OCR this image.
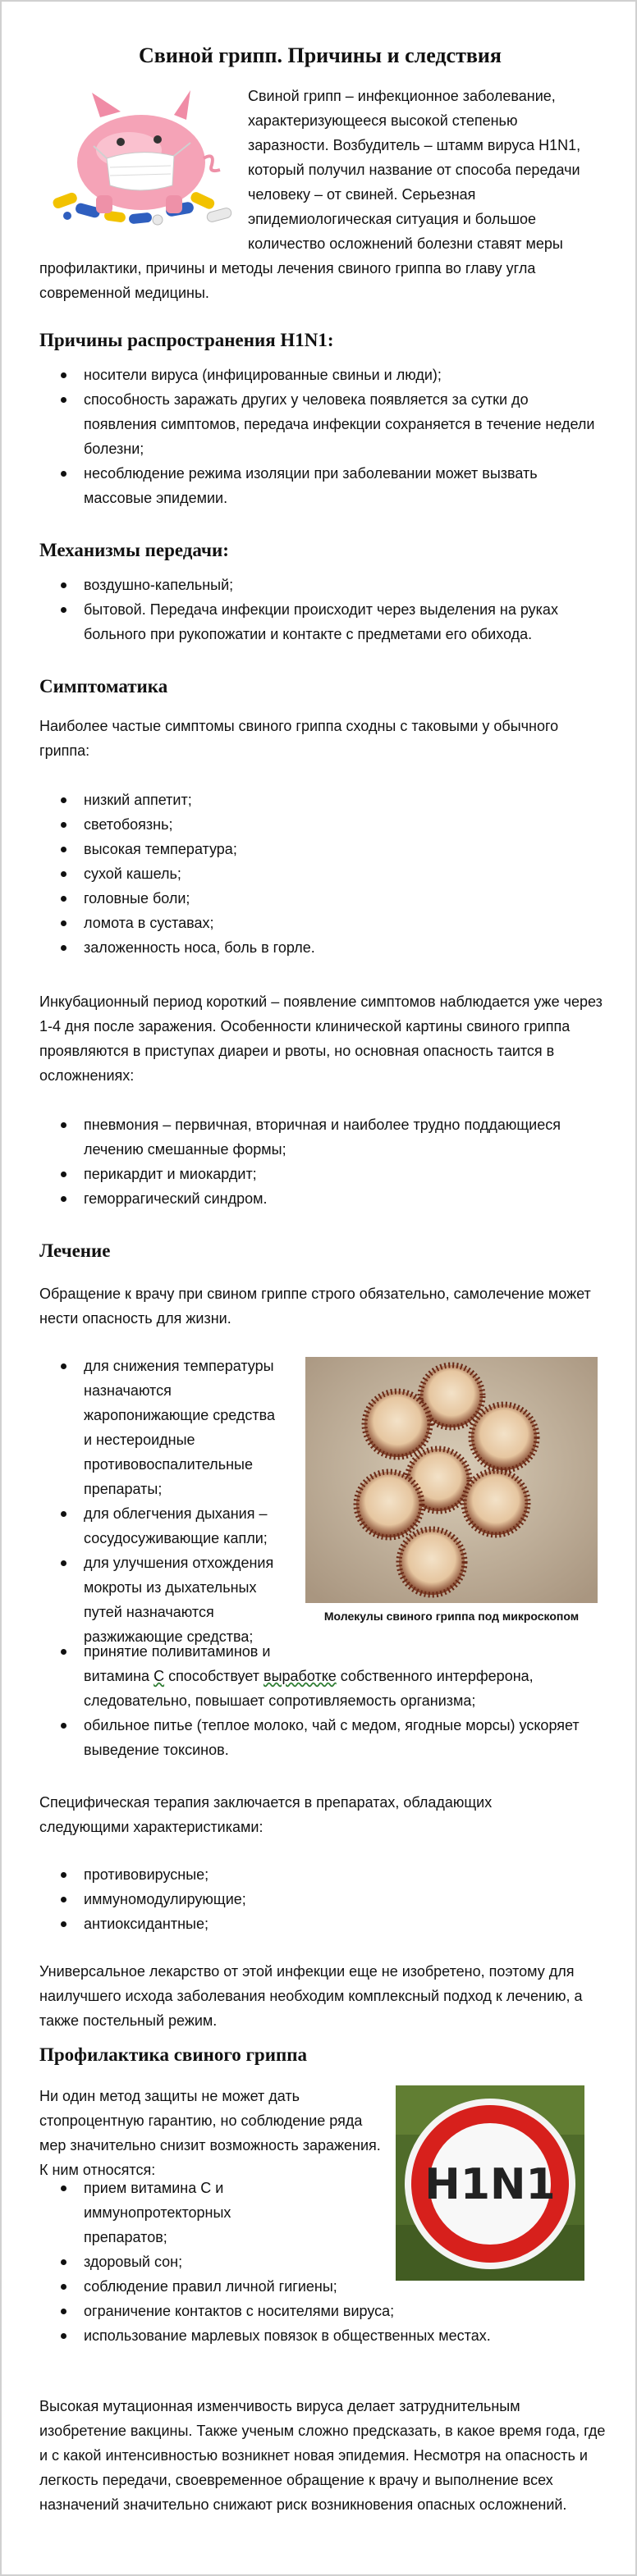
Свиной грипп. Причины и следствия
Свиной грипп – инфекционное заболевание,
характеризующееся высокой степенью
заразности. Возбудитель – штамм вируса H1N1,
который получил название от способа передачи
человеку – от свиней. Серьезная
эпидемиологическая ситуация и большое
количество осложнений болезни ставят меры
профилактики, причины и методы лечения свиного гриппа во главу угла
современной медицины.
Причины распространения H1N1:
носители вируса (инфицированные свиньи и люди);
способность заражать других у человека появляется за сутки до появления симптомов, передача инфекции сохраняется в течение недели болезни;
несоблюдение режима изоляции при заболевании может вызвать массовые эпидемии.
Механизмы передачи:
воздушно-капельный;
бытовой. Передача инфекции происходит через выделения на руках больного при рукопожатии и контакте с предметами его обихода.
Симптоматика

Наиболее частые симптомы свиного гриппа сходны с таковыми у обычного гриппа:

низкий аппетит;
светобоязнь;
высокая температура;
сухой кашель;
головные боли;
ломота в суставах;
заложенность носа, боль в горле.

Инкубационный период короткий – появление симптомов наблюдается уже через 1-4 дня после заражения. Особенности клинической картины свиного гриппа проявляются в приступах диареи и рвоты, но основная опасность таится в осложнениях:

пневмония – первичная, вторичная и наиболее трудно поддающиеся лечению смешанные формы;
перикардит и миокардит;
геморрагический синдром.
Лечение

Обращение к врачу при свином гриппе строго обязательно, самолечение может нести опасность для жизни.

для снижения температуры назначаются жаропонижающие средства и нестероидные противовоспалительные препараты;
для облегчения дыхания – сосудосуживающие капли;
для улучшения отхождения мокроты из дыхательных путей назначаются разжижающие средства;
Молекулы свиного гриппа под микроскопом
принятие поливитаминов и
витамина С способствует выработке собственного интерферона, следовательно, повышает сопротивляемость организма;
обильное питье (теплое молоко, чай с медом, ягодные морсы) ускоряет выведение токсинов.

Специфическая терапия заключается в препаратах, обладающих следующими характеристиками:

противовирусные;
иммуномодулирующие;
антиоксидантные;

Универсальное лекарство от этой инфекции еще не изобретено, поэтому для наилучшего исхода заболевания необходим комплексный подход к лечению, а также постельный режим.

Профилактика свиного гриппа

Ни один метод защиты не может дать стопроцентную гарантию, но соблюдение ряда мер значительно снизит возможность заражения. К ним относятся:	H1N1
прием витамина С и иммунопротекторных препаратов;
здоровый сон;
соблюдение правил личной гигиены;
ограничение контактов с носителями вируса;
использование марлевых повязок в общественных местах.

Высокая мутационная изменчивость вируса делает затруднительным изобретение вакцины. Также ученым сложно предсказать, в какое время года, где и с какой интенсивностью возникнет новая эпидемия. Несмотря на опасность и легкость передачи, своевременное обращение к врачу и выполнение всех назначений значительно снижают риск возникновения опасных осложнений.
